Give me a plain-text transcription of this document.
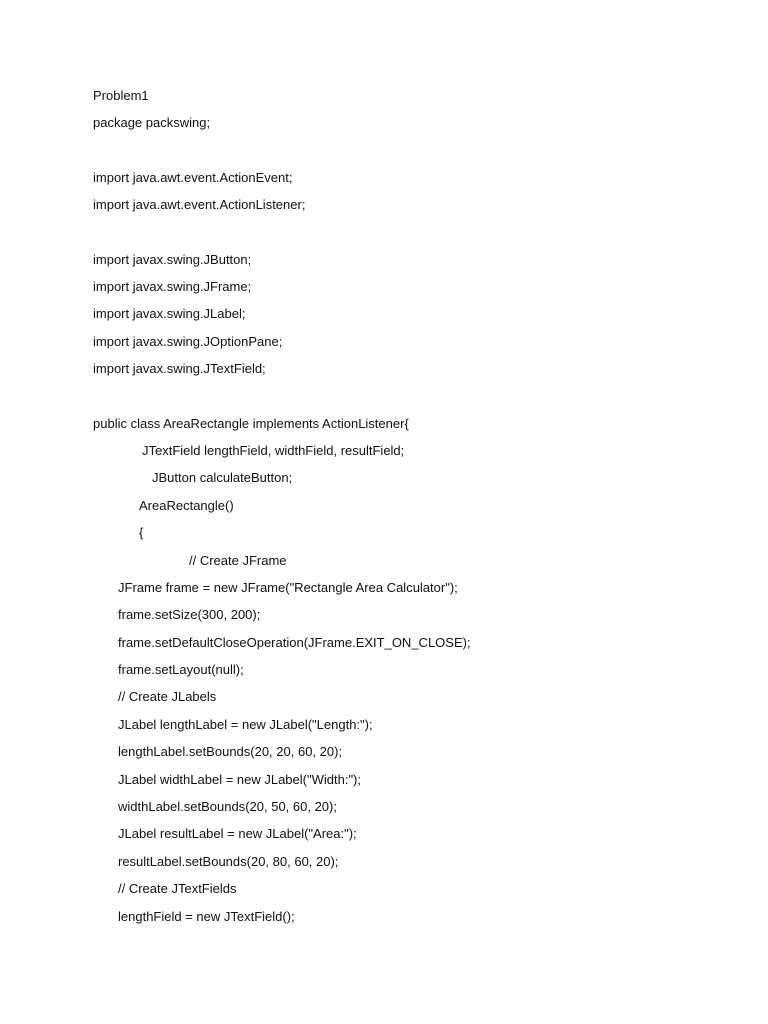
Problem1

package packswing;

import java.awt.event.ActionEvent;

import java.awt.event.ActionListener;

import javax.swing.JButton;

import javax.swing.JFrame;

import javax.swing.JLabel;

import javax.swing.JOptionPane;

import javax.swing.JTextField;

public class AreaRectangle implements ActionListener{

JTextField lengthField, widthField, resultField;

JButton calculateButton;

AreaRectangle()

{

// Create JFrame

JFrame frame = new JFrame("Rectangle Area Calculator");

frame.setSize(300, 200);

frame.setDefaultCloseOperation(JFrame.EXIT_ON_CLOSE);

frame.setLayout(null);

// Create JLabels

JLabel lengthLabel = new JLabel("Length:");

lengthLabel.setBounds(20, 20, 60, 20);

JLabel widthLabel = new JLabel("Width:");

widthLabel.setBounds(20, 50, 60, 20);

JLabel resultLabel = new JLabel("Area:");

resultLabel.setBounds(20, 80, 60, 20);

// Create JTextFields

lengthField = new JTextField();
